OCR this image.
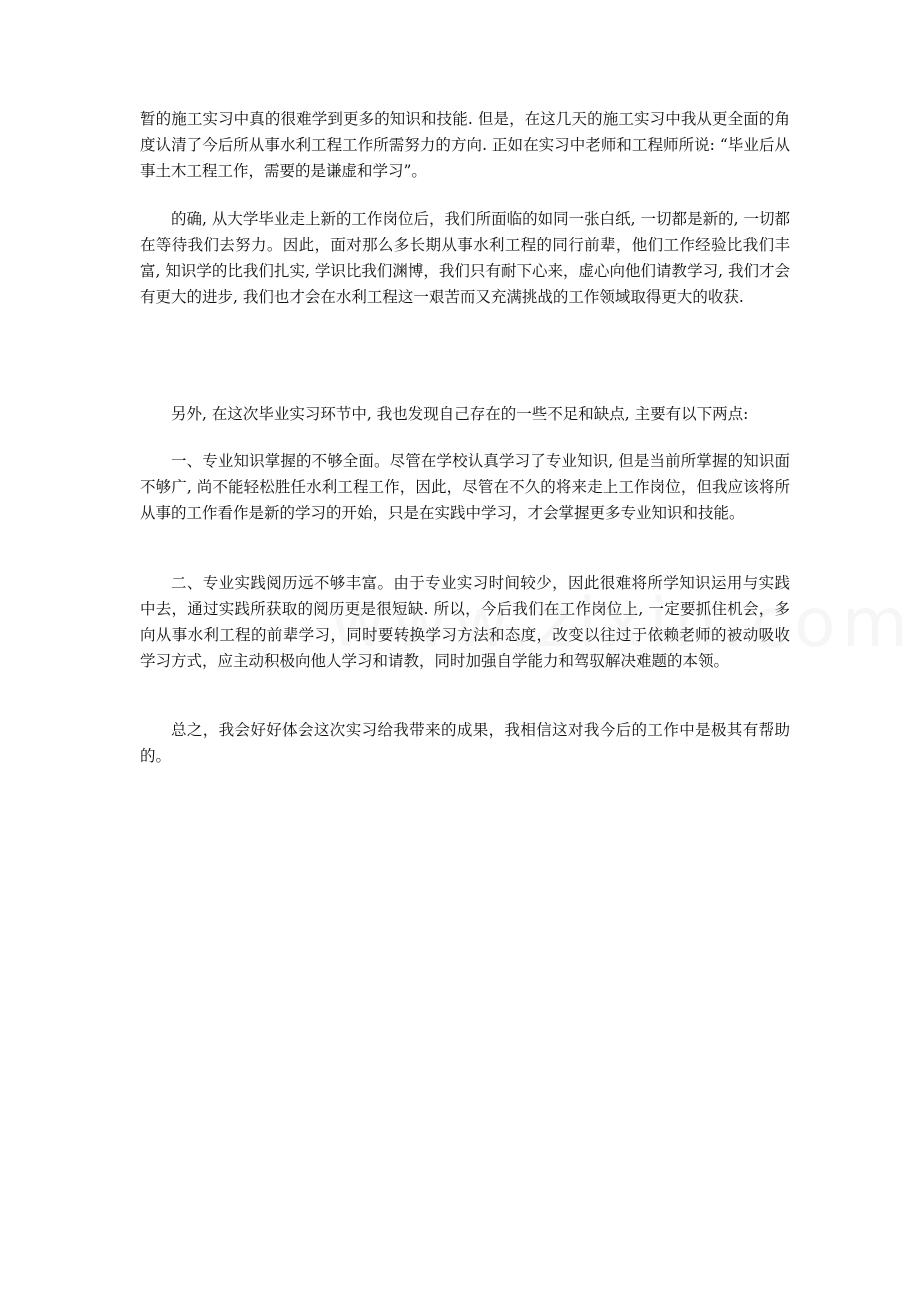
暂的施工实习中真的很难学到更多的知识和技能. 但是，在这几天的施工实习中我从更全面的角度认清了今后所从事水利工程工作所需努力的方向. 正如在实习中老师和工程师所说: “毕业后从事土木工程工作，需要的是谦虚和学习”。

的确, 从大学毕业走上新的工作岗位后，我们所面临的如同一张白纸, 一切都是新的, 一切都在等待我们去努力。因此，面对那么多长期从事水利工程的同行前辈，他们工作经验比我们丰富, 知识学的比我们扎实, 学识比我们渊博，我们只有耐下心来，虚心向他们请教学习, 我们才会有更大的进步, 我们也才会在水利工程这一艰苦而又充满挑战的工作领域取得更大的收获.

另外, 在这次毕业实习环节中, 我也发现自己存在的一些不足和缺点, 主要有以下两点:

一、专业知识掌握的不够全面。尽管在学校认真学习了专业知识, 但是当前所掌握的知识面不够广, 尚不能轻松胜任水利工程工作，因此，尽管在不久的将来走上工作岗位，但我应该将所从事的工作看作是新的学习的开始，只是在实践中学习，才会掌握更多专业知识和技能。

二、专业实践阅历远不够丰富。由于专业实习时间较少，因此很难将所学知识运用与实践中去，通过实践所获取的阅历更是很短缺. 所以，今后我们在工作岗位上, 一定要抓住机会，多向从事水利工程的前辈学习，同时要转换学习方法和态度，改变以往过于依赖老师的被动吸收学习方式，应主动积极向他人学习和请教，同时加强自学能力和驾驭解决难题的本领。

总之，我会好好体会这次实习给我带来的成果，我相信这对我今后的工作中是极其有帮助的。
